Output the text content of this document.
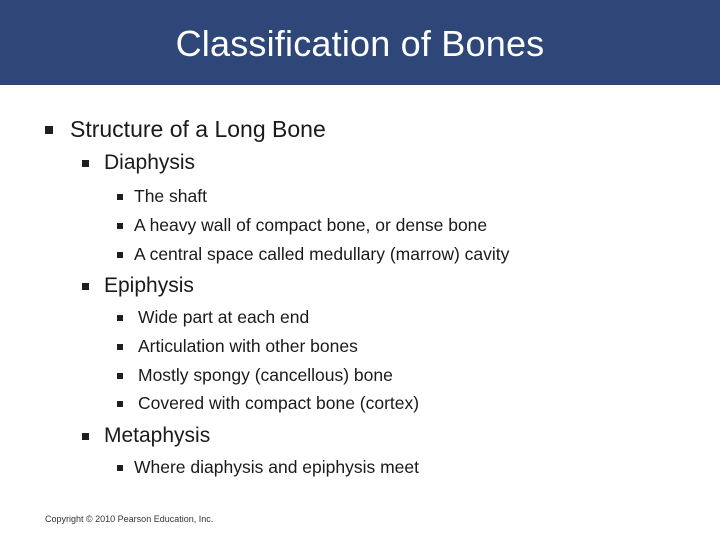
Classification of Bones
Structure of a Long Bone
Diaphysis
The shaft
A heavy wall of compact bone, or dense bone
A central space called medullary (marrow) cavity
Epiphysis
Wide part at each end
Articulation with other bones
Mostly spongy (cancellous) bone
Covered with compact bone (cortex)
Metaphysis
Where diaphysis and epiphysis meet
Copyright © 2010 Pearson Education, Inc.
